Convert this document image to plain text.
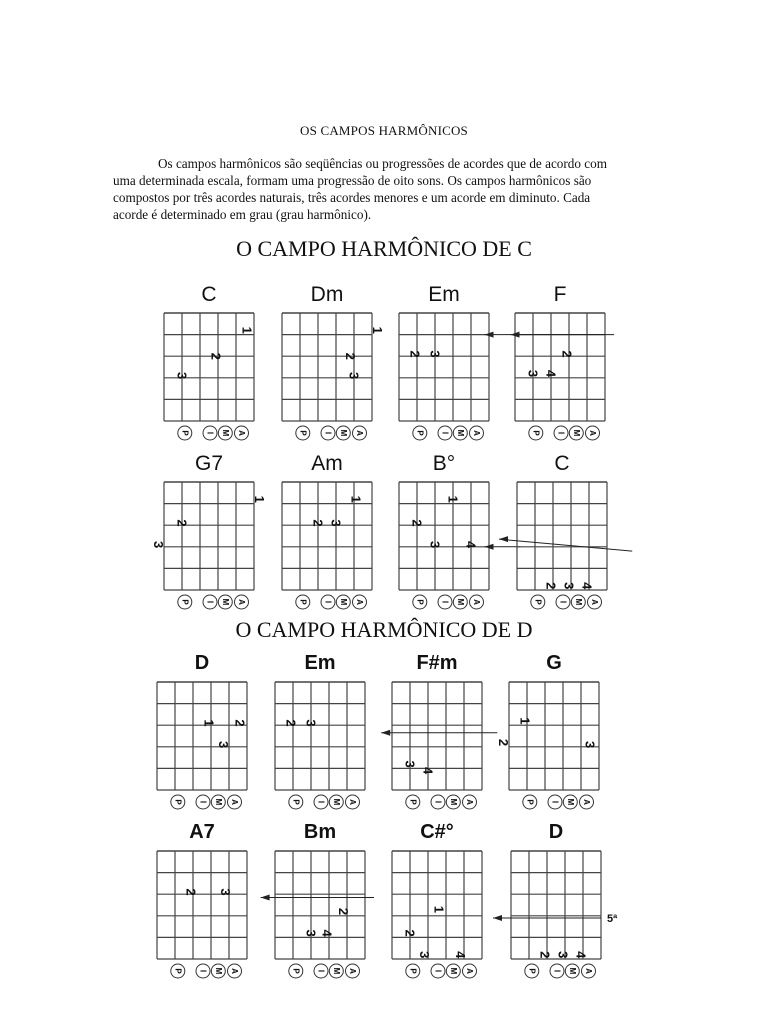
OS CAMPOS HARMÔNICOS

Os campos harmônicos são seqüências ou progressões de acordes que de acordo com

uma determinada escala, formam uma progressão de oito sons. Os campos harmônicos são

compostos por três acordes naturais, três acordes menores e um acorde em diminuto. Cada

acorde é determinado em grau (grau harmônico).

O CAMPO HARMÔNICO DE C
O CAMPO HARMÔNICO DE D
C
1
2
3
P I M A
Dm
1
2
3
P I M A
Em
2 3
P I M A
F
2
3 4
P I M A
G7
1
2
3
P I M A
Am
1
2 3
P I M A
B°
1
2
3 4
P I M A
C
2 3 4
P I M A
D
1 2
3
P I M A
Em
2 3
P I M A
F#m
3
4
P I M A
G
1
2	3
P I M A
A7
2 3
P I M A
Bm
2
3 4
P I M A
C#°
1
2
3 4
P I M A
D
2 3 4
5ª
P I M A
